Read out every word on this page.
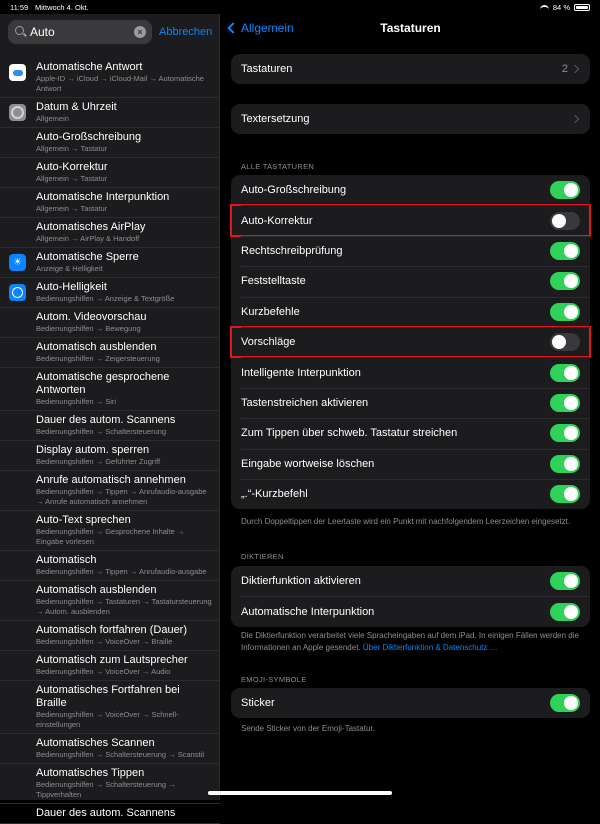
11:59 Mittwoch 4. Okt.	84 %
Auto
×	Abbrechen
Automatische Antwort
Apple-ID → iCloud → iCloud-Mail → Automatische Antwort
Datum & Uhrzeit
Allgemein
Auto-Großschreibung
Allgemein → Tastatur
Auto-Korrektur
Allgemein → Tastatur
Automatische Interpunktion
Allgemein → Tastatur
Automatisches AirPlay
Allgemein → AirPlay & Handoff
☀	Automatische Sperre
Anzeige & Helligkeit
Auto-Helligkeit
Bedienungshilfen → Anzeige & Textgröße
Autom. Videovorschau
Bedienungshilfen → Bewegung
Automatisch ausblenden
Bedienungshilfen → Zeigersteuerung
Automatische gesprochene Antworten
Bedienungshilfen → Siri
Dauer des autom. Scannens
Bedienungshilfen → Schaltersteuerung
Display autom. sperren
Bedienungshilfen → Geführter Zugriff
Anrufe automatisch annehmen
Bedienungshilfen → Tippen → Anrufaudio-ausgabe → Anrufe automatisch annehmen
Auto-Text sprechen
Bedienungshilfen → Gesprochene Inhalte → Eingabe vorlesen
Automatisch
Bedienungshilfen → Tippen → Anrufaudio-ausgabe
Automatisch ausblenden
Bedienungshilfen → Tastaturen → Tastatursteuerung → Autom. ausblenden
Automatisch fortfahren (Dauer)
Bedienungshilfen → VoiceOver → Braille
Automatisch zum Lautsprecher
Bedienungshilfen → VoiceOver → Audio
Automatisches Fortfahren bei Braille
Bedienungshilfen → VoiceOver → Schnell-einstellungen
Automatisches Scannen
Bedienungshilfen → Schaltersteuerung → Scanstil
Automatisches Tippen
Bedienungshilfen → Schaltersteuerung → Tippverhalten
Dauer des autom. Scannens
Allgemein	Tastaturen
Tastaturen	2
Textersetzung
ALLE TASTATUREN
Auto-Großschreibung
Auto-Korrektur
Rechtschreibprüfung
Feststelltaste
Kurzbefehle
Vorschläge
Intelligente Interpunktion
Tastenstreichen aktivieren
Zum Tippen über schweb. Tastatur streichen
Eingabe wortweise löschen
„.“-Kurzbefehl
Durch Doppeltippen der Leertaste wird ein Punkt mit nachfolgendem Leerzeichen eingesetzt.
DIKTIEREN
Diktierfunktion aktivieren
Automatische Interpunktion
Die Diktierfunktion verarbeitet viele Spracheingaben auf dem iPad. In einigen Fällen werden die Informationen an Apple gesendet. Über Diktierfunktion & Datenschutz …
EMOJI-SYMBOLE
Sticker
Sende Sticker von der Emoji-Tastatur.
